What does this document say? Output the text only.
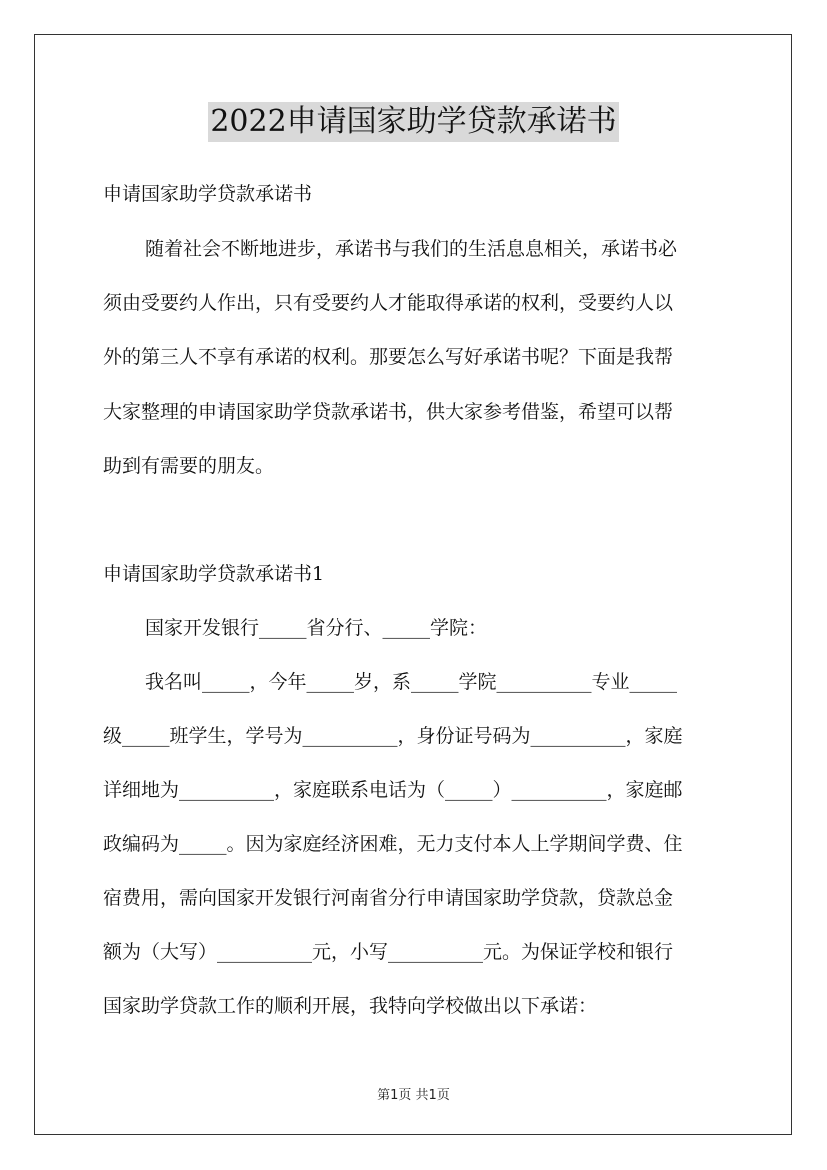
2022申请国家助学贷款承诺书
申请国家助学贷款承诺书
随着社会不断地进步，承诺书与我们的生活息息相关，承诺书必
须由受要约人作出，只有受要约人才能取得承诺的权利，受要约人以
外的第三人不享有承诺的权利。那要怎么写好承诺书呢？下面是我帮
大家整理的申请国家助学贷款承诺书，供大家参考借鉴，希望可以帮
助到有需要的朋友。
申请国家助学贷款承诺书1
国家开发银行_____省分行、_____学院：
我名叫_____，今年_____岁，系_____学院__________专业_____
级_____班学生，学号为__________，身份证号码为__________，家庭
详细地为__________，家庭联系电话为（_____）__________，家庭邮
政编码为_____。因为家庭经济困难，无力支付本人上学期间学费、住
宿费用，需向国家开发银行河南省分行申请国家助学贷款，贷款总金
额为（大写）__________元，小写__________元。为保证学校和银行
国家助学贷款工作的顺利开展，我特向学校做出以下承诺：
第1页 共1页
